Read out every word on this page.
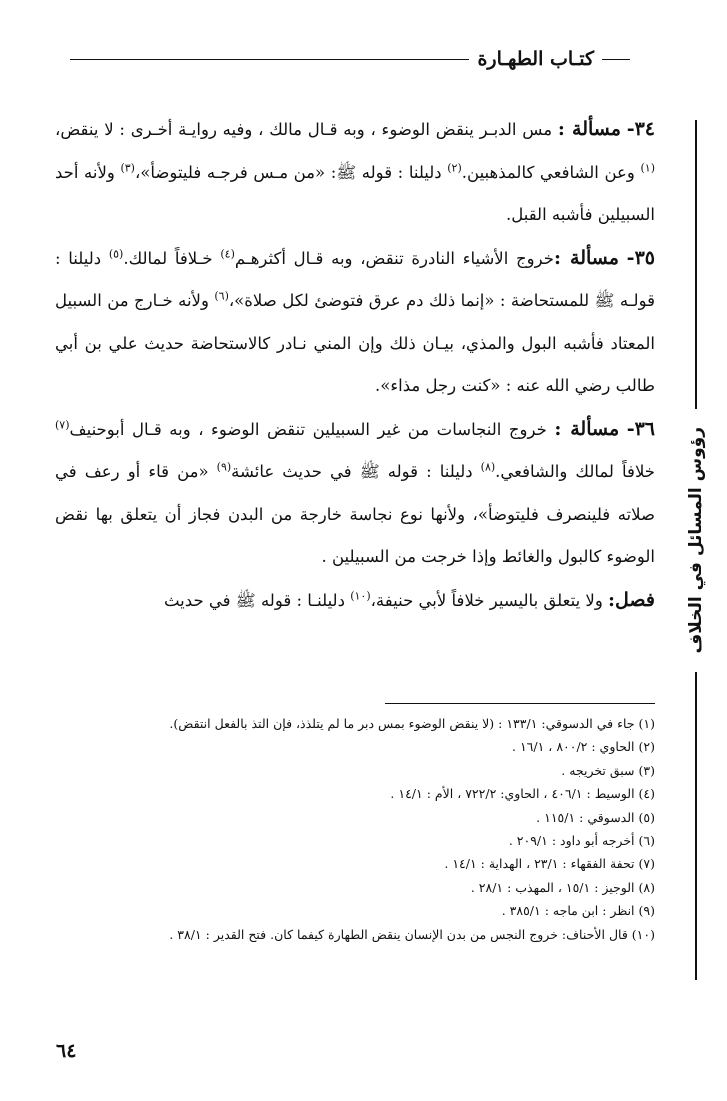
كتـاب الطهـارة
رؤوس المسائل في الخلاف

٣٤- مسألة : مس الدبـر ينقض الوضوء ، وبه قـال مالك ، وفيه روايـة أخـرى : لا ينقض،$^{(١)}$ وعن الشافعي كالمذهبين.$^{(٢)}$ دليلنا : قوله ﷺ: «من مـس فرجـه فليتوضأ»،$^{(٣)}$ ولأنه أحد السبيلين فأشبه القبل.

٣٥- مسألة :خروج الأشياء النادرة تنقض، وبه قـال أكثرهـم$^{(٤)}$ خـلافاً لمالك.$^{(٥)}$ دليلنا : قولـه ﷺ للمستحاضة : «إنما ذلك دم عرق فتوضئ لكل صلاة»،$^{(٦)}$ ولأنه خـارج من السبيل المعتاد فأشبه البول والمذي، بيـان ذلك وإن المني نـادر كالاستحاضة حديث علي بن أبي طالب رضي الله عنه : «كنت رجل مذاء».

٣٦- مسألة : خروج النجاسات من غير السبيلين تنقض الوضوء ، وبه قـال أبوحنيف$^{(٧)}$ خلافاً لمالك والشافعي.$^{(٨)}$ دليلنا : قوله ﷺ في حديث عائشة$^{(٩)}$ «من قاء أو رعف في صلاته فلينصرف فليتوضأ»، ولأنها نوع نجاسة خارجة من البدن فجاز أن يتعلق بها نقض الوضوء كالبول والغائط وإذا خرجت من السبيلين .

فصل: ولا يتعلق باليسير خلافاً لأبي حنيفة،$^{(١٠)}$ دليلنـا : قوله ﷺ في حديث

(١) جاء في الدسوقي: ١٣٣/١ : (لا ينقض الوضوء بمس دبر ما لم يتلذذ، فإن التذ بالفعل انتقض).

(٢) الحاوي : ٨٠٠/٢ ، ١٦/١ .

(٣) سبق تخريجه .

(٤) الوسيط : ٤٠٦/١ ، الحاوي: ٧٢٢/٢ ، الأم : ١٤/١ .

(٥) الدسوقي : ١١٥/١ .

(٦) أخرجه أبو داود : ٢٠٩/١ .

(٧) تحفة الفقهاء : ٢٣/١ ، الهداية : ١٤/١ .

(٨) الوجيز : ١٥/١ ، المهذب : ٢٨/١ .

(٩) انظر : ابن ماجه : ٣٨٥/١ .

(١٠) قال الأحناف: خروج النجس من بدن الإنسان ينقض الطهارة كيفما كان. فتح القدير : ٣٨/١ .

٦٤
